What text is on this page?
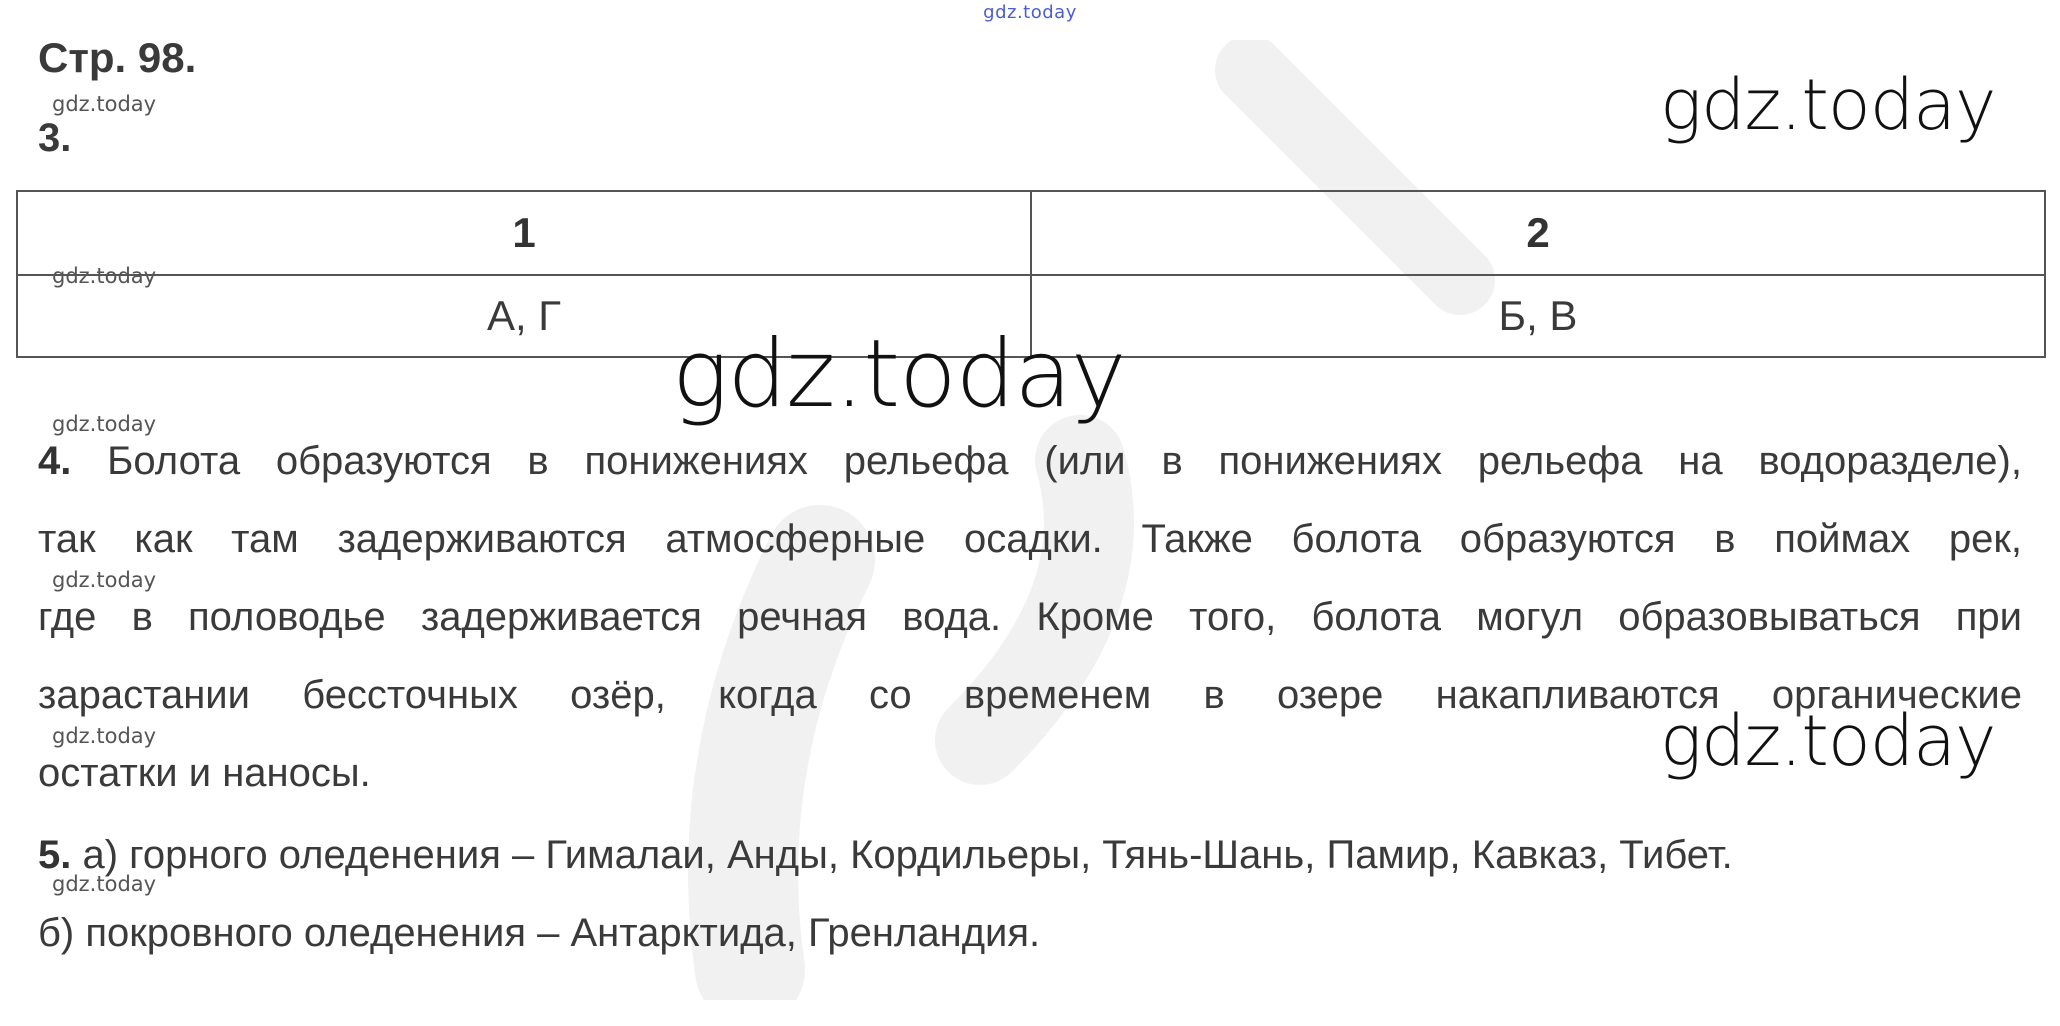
gdz.today
Стр. 98.
gdz.today
3.	gdz.today
1	2
А, Г	Б, В
gdz.today
gdz.today
gdz.today
4. Болота образуются в понижениях рельефа (или в понижениях рельефа на водоразделе),
так как там задерживаются атмосферные осадки. Также болота образуются в поймах рек,
где в половодье задерживается речная вода. Кроме того, болота могул образовываться при
зарастании бессточных озёр, когда со временем в озере накапливаются органические
остатки и наносы.
gdz.today
gdz.today	gdz.today
5. а) горного оледенения – Гималаи, Анды, Кордильеры, Тянь-Шань, Памир, Кавказ, Тибет.
б) покровного оледенения – Антарктида, Гренландия.
gdz.today
